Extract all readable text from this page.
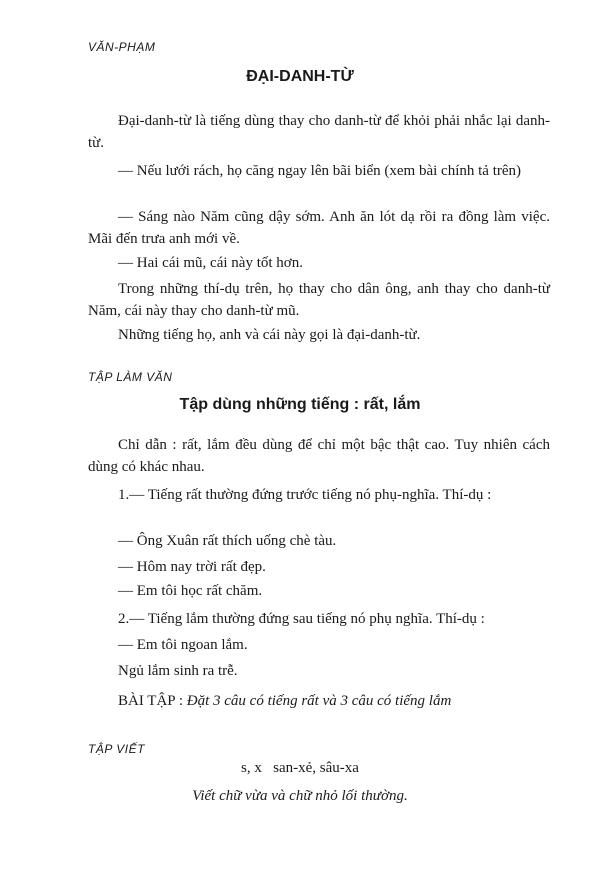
VĂN-PHẠM
ĐẠI-DANH-TỪ
Đại-danh-từ là tiếng dùng thay cho danh-từ để khỏi phải nhắc lại danh-từ.
— Nếu lưới rách, họ căng ngay lên bãi biển (xem bài chính tả trên)
— Sáng nào Năm cũng dậy sớm. Anh ăn lót dạ rồi ra đồng làm việc. Mãi đến trưa anh mới về.
— Hai cái mũ, cái này tốt hơn.
Trong những thí-dụ trên, họ thay cho dân ông, anh thay cho danh-từ Năm, cái này thay cho danh-từ mũ.
Những tiếng họ, anh và cái này gọi là đại-danh-từ.
TẬP LÀM VĂN
Tập dùng những tiếng : rất, lắm
Chỉ dẫn : rất, lắm đều dùng để chỉ một bậc thật cao. Tuy nhiên cách dùng có khác nhau.
1.— Tiếng rất thường đứng trước tiếng nó phụ-nghĩa. Thí-dụ :
— Ông Xuân rất thích uống chè tàu.
— Hôm nay trời rất đẹp.
— Em tôi học rất chăm.
2.— Tiếng lắm thường đứng sau tiếng nó phụ nghĩa. Thí-dụ :
— Em tôi ngoan lắm.
Ngủ lắm sinh ra trễ.
BÀI TẬP : Đặt 3 câu có tiếng rất và 3 câu có tiếng lắm
TẬP VIẾT
s, x   san-xẻ, sâu-xa
Viết chữ vừa và chữ nhỏ lối thường.
